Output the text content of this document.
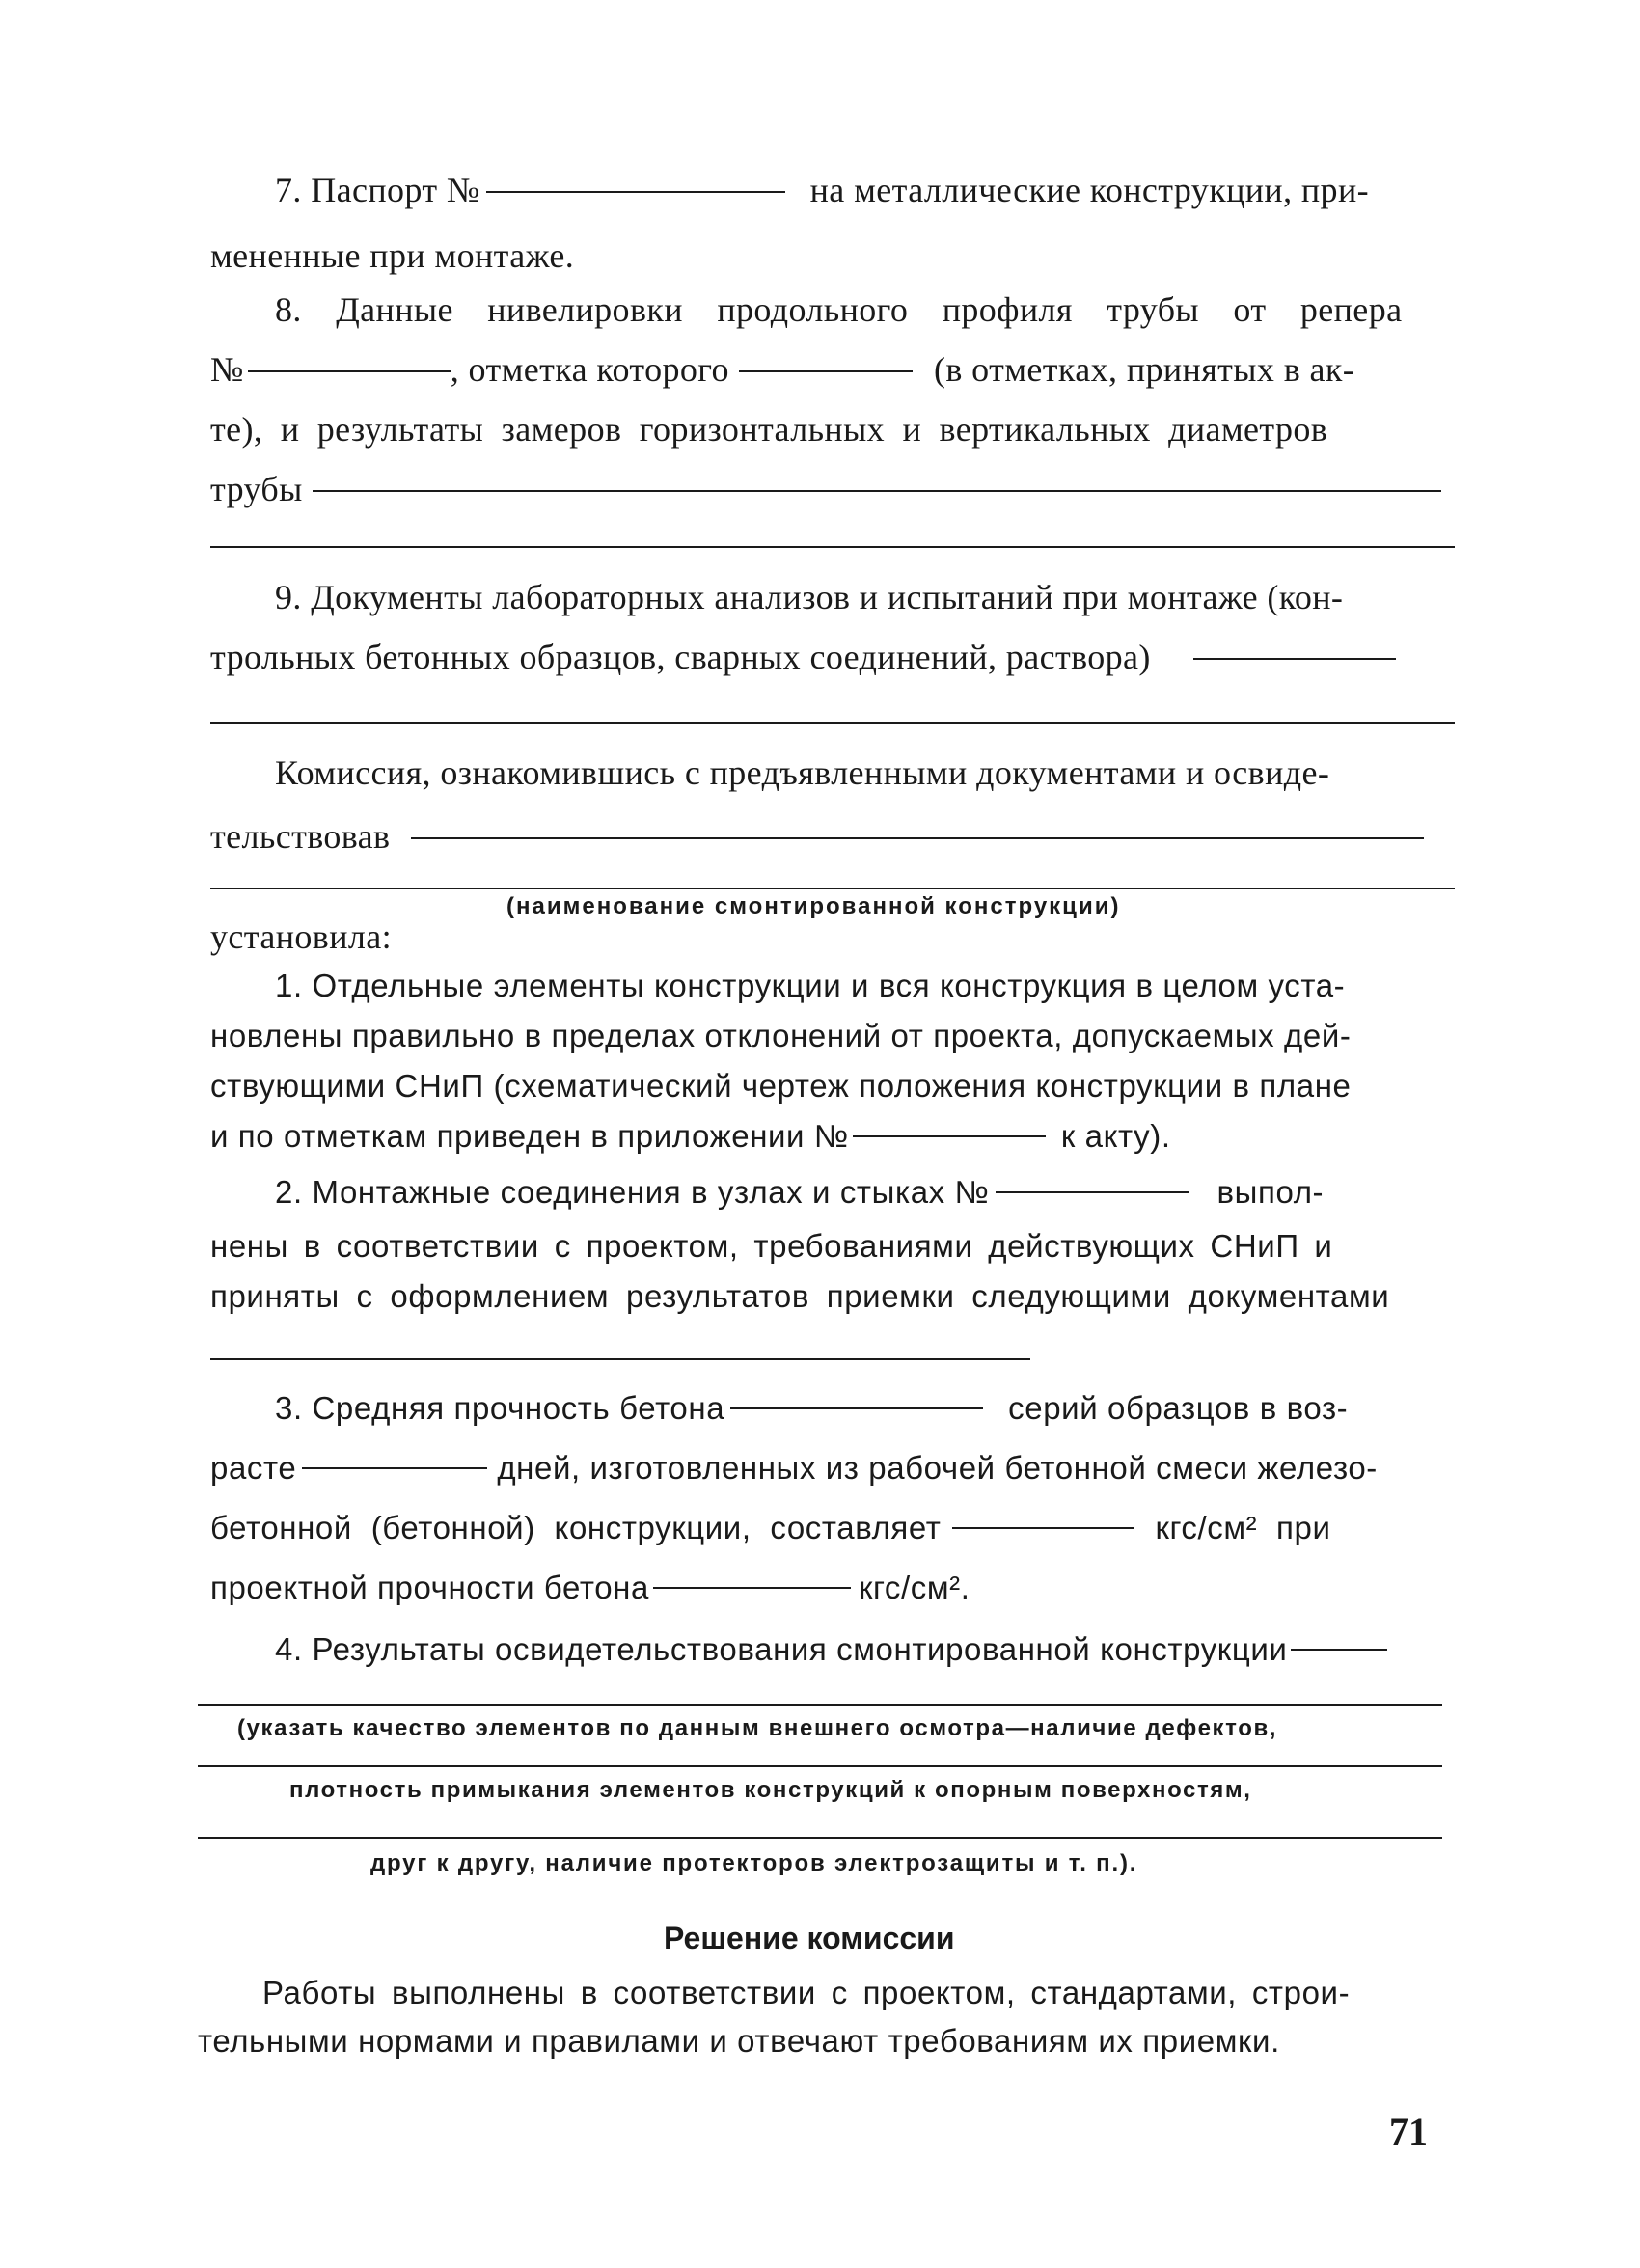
7. Паспорт №	на металлические конструкции, при-
мененные при монтаже.
8. Данные нивелировки продольного профиля трубы от репера
№	, отметка которого	(в отметках, принятых в ак-
те), и результаты замеров горизонтальных и вертикальных диаметров
трубы
9. Документы лабораторных анализов и испытаний при монтаже (кон-
трольных бетонных образцов, сварных соединений, раствора)
Комиссия, ознакомившись с предъявленными документами и освиде-
тельствовав
(наименование смонтированной конструкции)
установила:
1. Отдельные элементы конструкции и вся конструкция в целом уста-
новлены правильно в пределах отклонений от проекта, допускаемых дей-
ствующими СНиП (схематический чертеж положения конструкции в плане
и по отметкам приведен в приложении №	к акту).
2. Монтажные соединения в узлах и стыках №	выпол-
нены в соответствии с проектом, требованиями действующих СНиП и
приняты с оформлением результатов приемки следующими документами
3. Средняя прочность бетона	серий образцов в воз-
расте	дней, изготовленных из рабочей бетонной смеси железо-
бетонной (бетонной) конструкции, составляет	кгс/см² при
проектной прочности бетона	кгс/см².
4. Результаты освидетельствования смонтированной конструкции
(указать качество элементов по данным внешнего осмотра—наличие дефектов,
плотность примыкания элементов конструкций к опорным поверхностям,
друг к другу, наличие протекторов электрозащиты и т. п.).
Решение комиссии
Работы выполнены в соответствии с проектом, стандартами, строи-
тельными нормами и правилами и отвечают требованиям их приемки.
71
